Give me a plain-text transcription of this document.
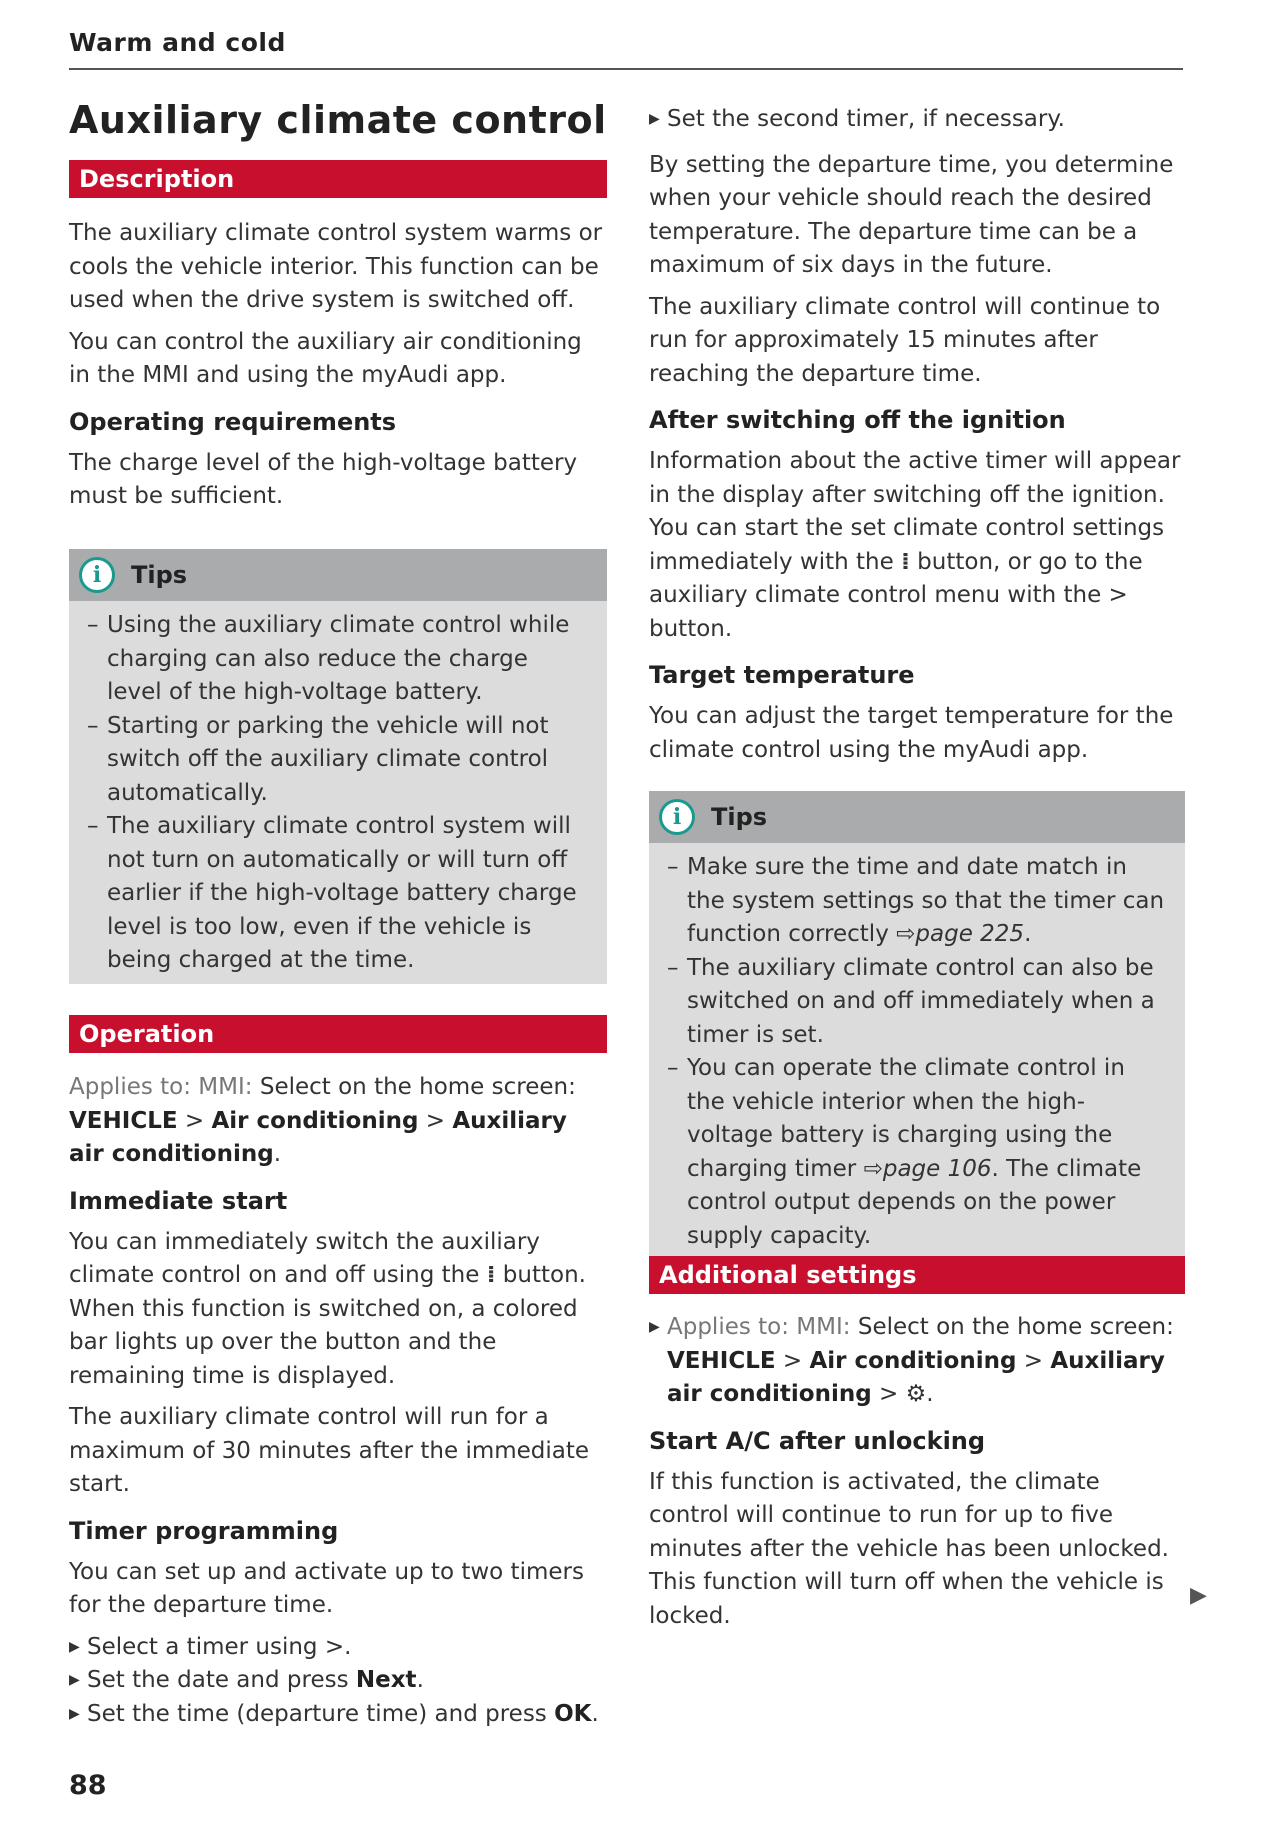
Warm and cold
Auxiliary climate control
Description

The auxiliary climate control system warms or cools the vehicle interior. This function can be used when the drive system is switched off.

You can control the auxiliary air conditioning in the MMI and using the myAudi app.

Operating requirements

The charge level of the high-voltage battery must be sufficient.

i	Tips
– Using the auxiliary climate control while charging can also reduce the charge level of the high-voltage battery.
– Starting or parking the vehicle will not switch off the auxiliary climate control automatically.
– The auxiliary climate control system will not turn on automatically or will turn off earlier if the high-voltage battery charge level is too low, even if the vehicle is being charged at the time.
Operation

Applies to: MMI: Select on the home screen: VEHICLE > Air conditioning > Auxiliary air conditioning.

Immediate start

You can immediately switch the auxiliary climate control on and off using the ⁞ button. When this function is switched on, a colored bar lights up over the button and the remaining time is displayed.

The auxiliary climate control will run for a maximum of 30 minutes after the immediate start.

Timer programming

You can set up and activate up to two timers for the departure time.

▶ Select a timer using >.

▶ Set the date and press Next.

▶ Set the time (departure time) and press OK.

▶ Set the second timer, if necessary.

By setting the departure time, you determine when your vehicle should reach the desired temperature. The departure time can be a maximum of six days in the future.

The auxiliary climate control will continue to run for approximately 15 minutes after reaching the departure time.

After switching off the ignition

Information about the active timer will appear in the display after switching off the ignition. You can start the set climate control settings immediately with the ⁞ button, or go to the auxiliary climate control menu with the > button.

Target temperature

You can adjust the target temperature for the climate control using the myAudi app.

i	Tips
– Make sure the time and date match in the system settings so that the timer can function correctly ⇨page 225.
– The auxiliary climate control can also be switched on and off immediately when a timer is set.
– You can operate the climate control in the vehicle interior when the high-voltage battery is charging using the charging timer ⇨page 106. The climate control output depends on the power supply capacity.
Additional settings

▶ Applies to: MMI: Select on the home screen: VEHICLE > Air conditioning > Auxiliary air conditioning > ⚙.

Start A/C after unlocking

If this function is activated, the climate control will continue to run for up to five minutes after the vehicle has been unlocked. This function will turn off when the vehicle is locked.

▶
88
